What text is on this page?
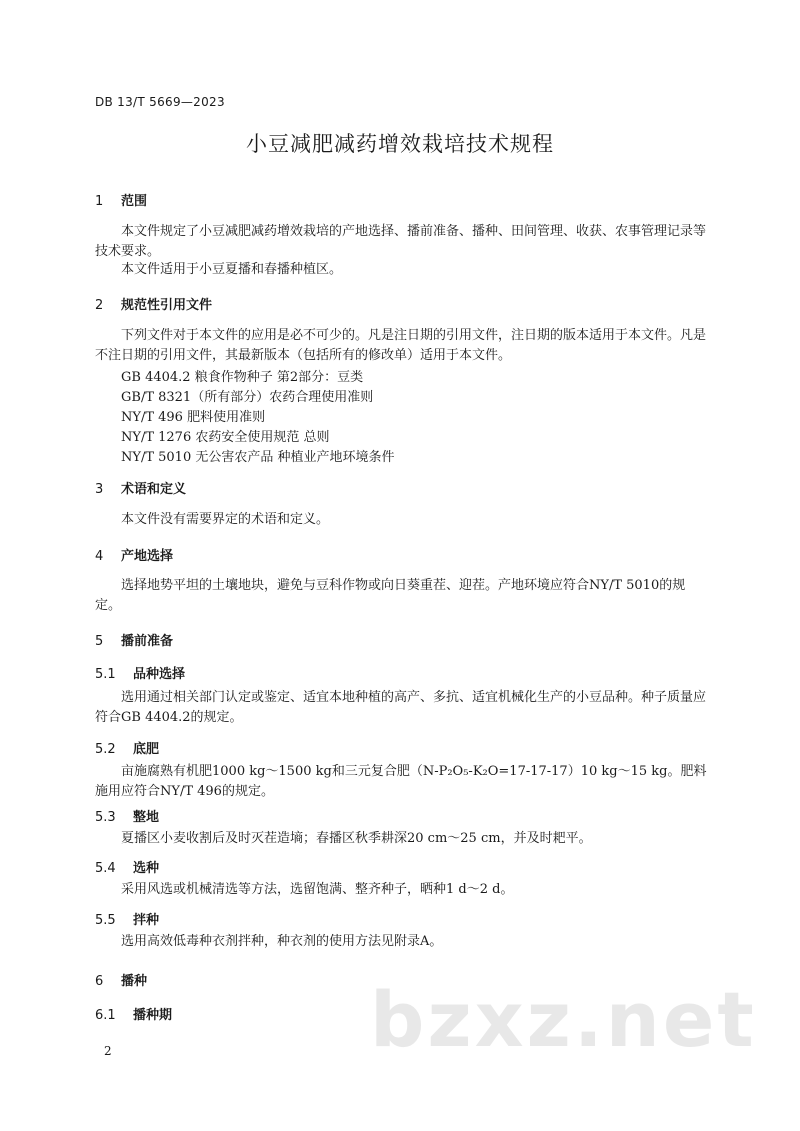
DB 13/T 5669—2023
小豆减肥减药增效栽培技术规程
1 范围
本文件规定了小豆减肥减药增效栽培的产地选择、播前准备、播种、田间管理、收获、农事管理记录等技术要求。
本文件适用于小豆夏播和春播种植区。
2 规范性引用文件
下列文件对于本文件的应用是必不可少的。凡是注日期的引用文件，注日期的版本适用于本文件。凡是不注日期的引用文件，其最新版本（包括所有的修改单）适用于本文件。
GB 4404.2 粮食作物种子 第2部分：豆类
GB/T 8321（所有部分）农药合理使用准则
NY/T 496 肥料使用准则
NY/T 1276 农药安全使用规范 总则
NY/T 5010 无公害农产品 种植业产地环境条件
3 术语和定义
本文件没有需要界定的术语和定义。
4 产地选择
选择地势平坦的土壤地块，避免与豆科作物或向日葵重茬、迎茬。产地环境应符合NY/T 5010的规定。
5 播前准备
5.1 品种选择
选用通过相关部门认定或鉴定、适宜本地种植的高产、多抗、适宜机械化生产的小豆品种。种子质量应符合GB 4404.2的规定。
5.2 底肥
亩施腐熟有机肥1000 kg～1500 kg和三元复合肥（N-P₂O₅-K₂O=17-17-17）10 kg～15 kg。肥料施用应符合NY/T 496的规定。
5.3 整地
夏播区小麦收割后及时灭茬造墒；春播区秋季耕深20 cm～25 cm，并及时耙平。
5.4 选种
采用风选或机械清选等方法，选留饱满、整齐种子，晒种1 d～2 d。
5.5 拌种
选用高效低毒种衣剂拌种，种衣剂的使用方法见附录A。
6 播种
6.1 播种期	bzxz.net
2
